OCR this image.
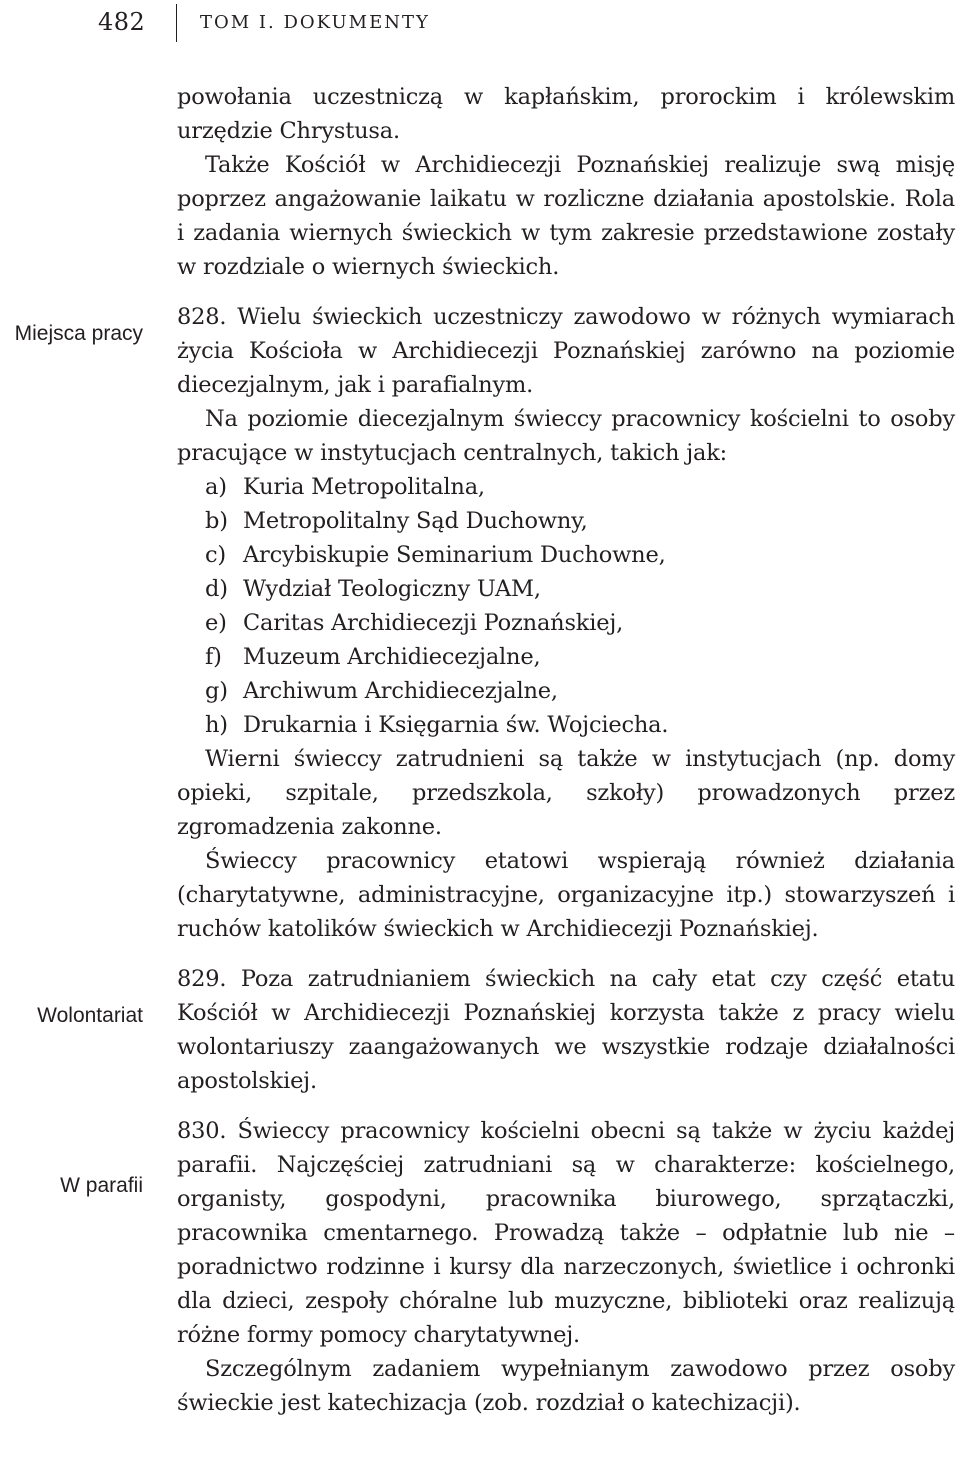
482	TOM I. DOKUMENTY
Miejsca pracy
Wolontariat
W parafii

powołania uczestniczą w kapłańskim, prorockim i królewskim urzędzie Chrystusa.

Także Kościół w Archidiecezji Poznańskiej realizuje swą misję poprzez angażowanie laikatu w rozliczne działania apostolskie. Rola i zadania wiernych świeckich w tym zakresie przedstawione zostały w rozdziale o wiernych świeckich.

828. Wielu świeckich uczestniczy zawodowo w różnych wymiarach życia Kościoła w Archidiecezji Poznańskiej zarówno na poziomie diecezjalnym, jak i parafialnym.

Na poziomie diecezjalnym świeccy pracownicy kościelni to osoby pracujące w instytucjach centralnych, takich jak:

a) Kuria Metropolitalna,
b) Metropolitalny Sąd Duchowny,
c) Arcybiskupie Seminarium Duchowne,
d) Wydział Teologiczny UAM,
e) Caritas Archidiecezji Poznańskiej,
f) Muzeum Archidiecezjalne,
g) Archiwum Archidiecezjalne,
h) Drukarnia i Księgarnia św. Wojciecha.

Wierni świeccy zatrudnieni są także w instytucjach (np. domy opieki, szpitale, przedszkola, szkoły) prowadzonych przez zgromadzenia zakonne.

Świeccy pracownicy etatowi wspierają również działania (charytatywne, administracyjne, organizacyjne itp.) stowarzyszeń i ruchów katolików świeckich w Archidiecezji Poznańskiej.

829. Poza zatrudnianiem świeckich na cały etat czy część etatu Kościół w Archidiecezji Poznańskiej korzysta także z pracy wielu wolontariuszy zaangażowanych we wszystkie rodzaje działalności apostolskiej.

830. Świeccy pracownicy kościelni obecni są także w życiu każdej parafii. Najczęściej zatrudniani są w charakterze: kościelnego, organisty, gospodyni, pracownika biurowego, sprzątaczki, pracownika cmentarnego. Prowadzą także – odpłatnie lub nie – poradnictwo rodzinne i kursy dla narzeczonych, świetlice i ochronki dla dzieci, zespoły chóralne lub muzyczne, biblioteki oraz realizują różne formy pomocy charytatywnej.

Szczególnym zadaniem wypełnianym zawodowo przez osoby świeckie jest katechizacja (zob. rozdział o katechizacji).
